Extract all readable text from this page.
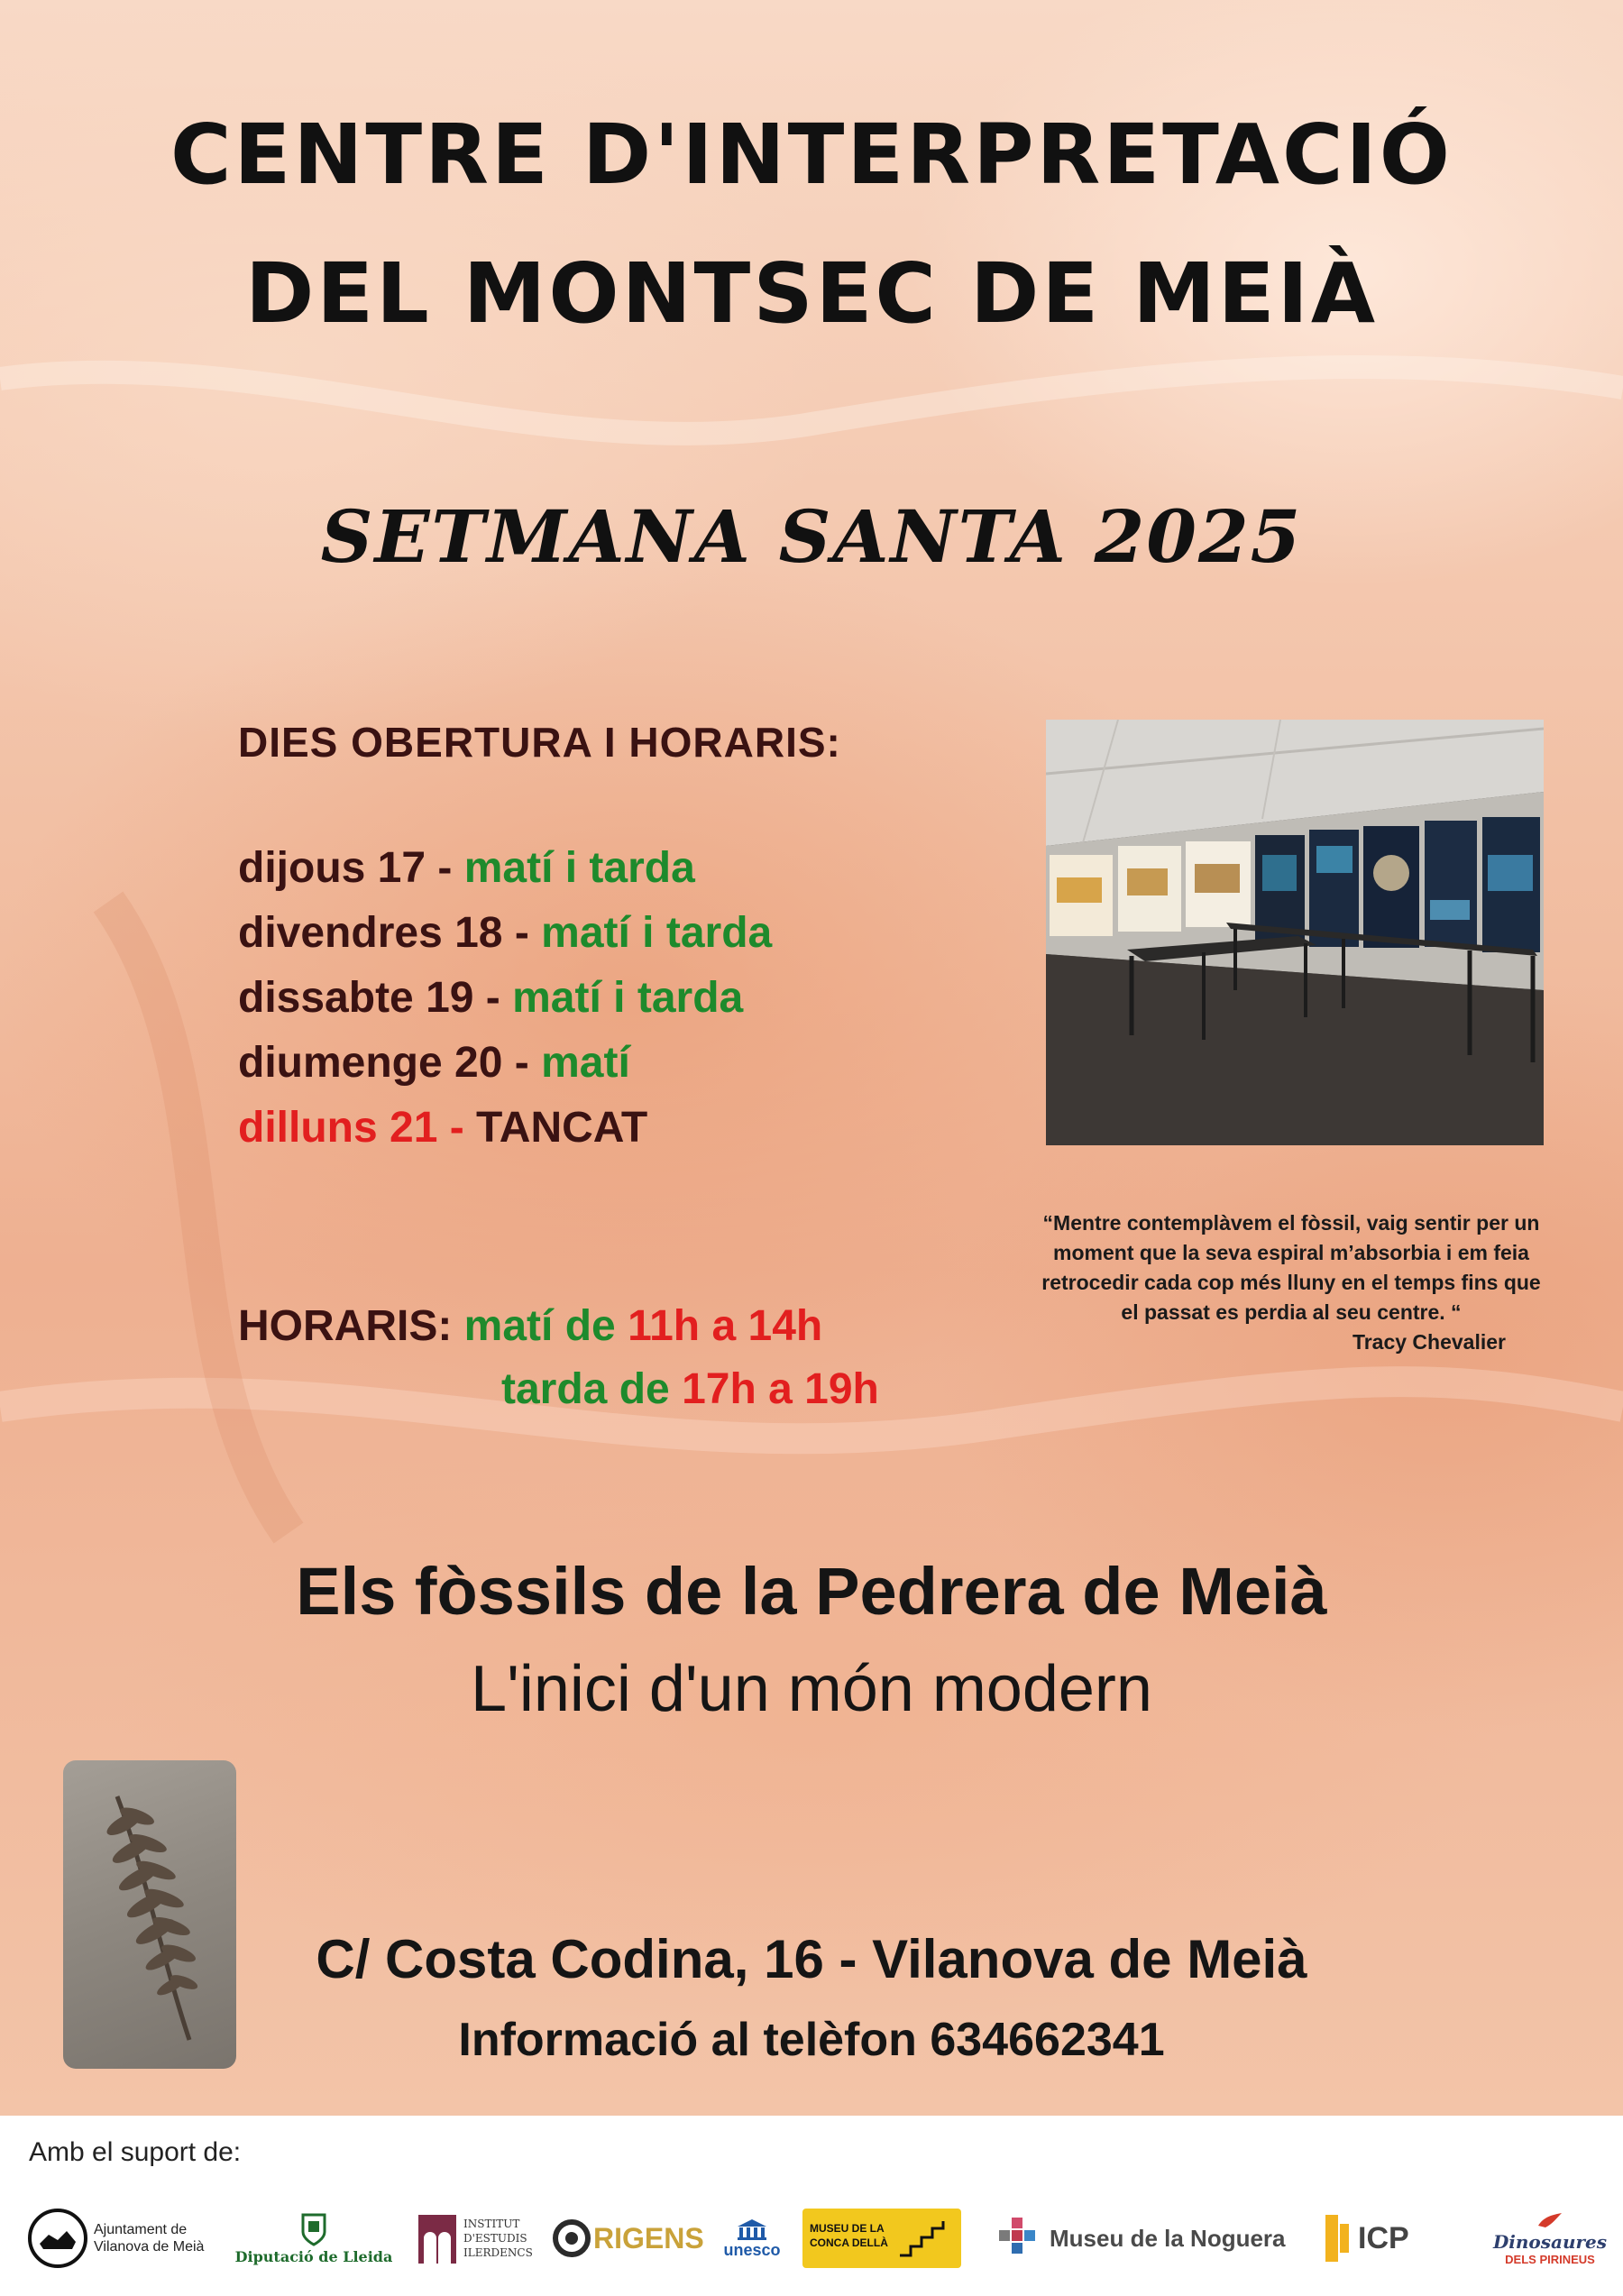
CENTRE D'INTERPRETACIÓ
DEL MONTSEC DE MEIÀ
SETMANA SANTA 2025
DIES OBERTURA I HORARIS:
dijous 17 - matí i tarda
divendres 18 - matí i tarda
dissabte 19 - matí i tarda
diumenge 20 - matí
dilluns 21 - TANCAT
HORARIS: matí de 11h a 14h
tarda de 17h a 19h
“Mentre contemplàvem el fòssil, vaig sentir per un moment que la seva espiral m’absorbia i em feia retrocedir cada cop més lluny en el temps fins que el passat es perdia al seu centre. “
Tracy Chevalier
Els fòssils de la Pedrera de Meià
L'inici d'un món modern
C/ Costa Codina, 16 - Vilanova de Meià
Informació al telèfon 634662341
Amb el suport de:
Ajuntament de
Vilanova de Meià
Diputació de Lleida
INSTITUT
D'ESTUDIS
ILERDENCS RIGENS unesco
MUSEU DE LA
CONCA DELLÀ	Museu de la Noguera ICP	Dinosaures
DELS PIRINEUS
